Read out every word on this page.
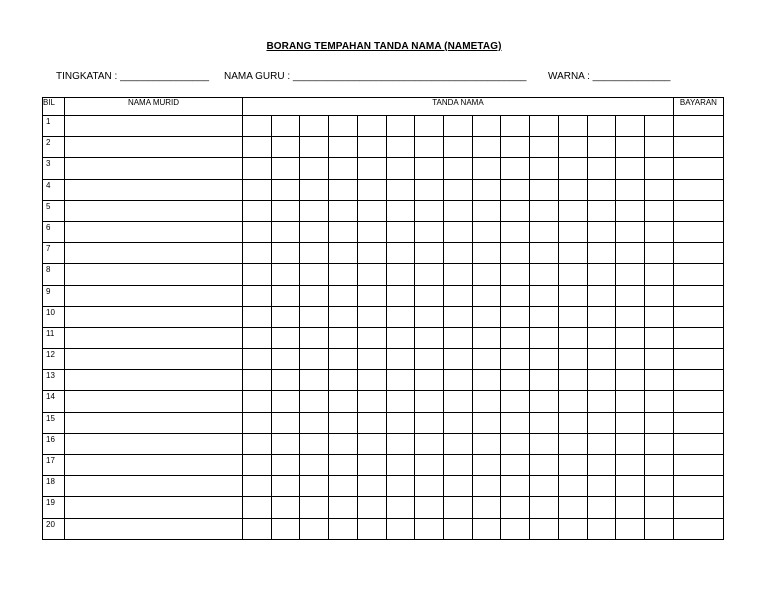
BORANG TEMPAHAN TANDA NAMA (NAMETAG)
TINGKATAN : ________________ NAMA GURU : __________________________________________ WARNA : ______________
BIL	NAMA MURID	TANDA NAMA															BAYARAN
1																	
2																	
3																	
4																	
5																	
6																	
7																	
8																	
9																	
10																	
11																	
12																	
13																	
14																	
15																	
16																	
17																	
18																	
19																	
20																	
